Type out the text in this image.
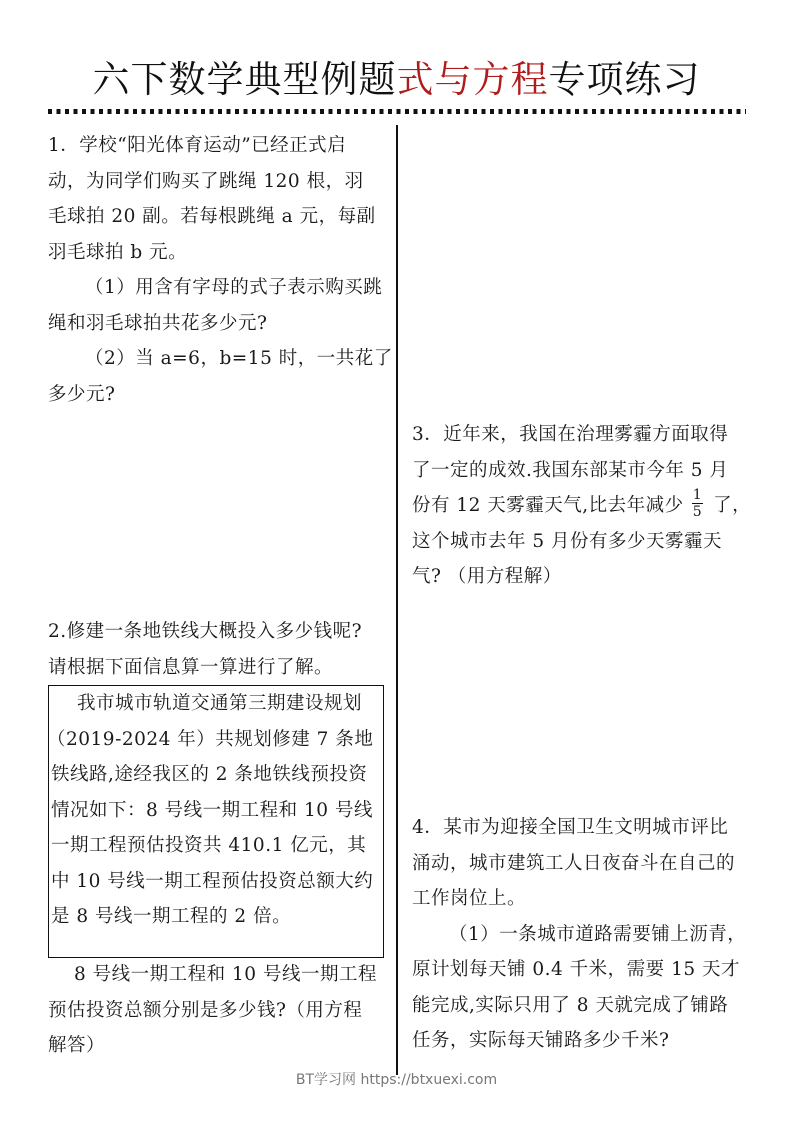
六下数学典型例题式与方程专项练习
1．学校“阳光体育运动”已经正式启
动，为同学们购买了跳绳 120 根，羽
毛球拍 20 副。若每根跳绳 a 元，每副
羽毛球拍 b 元。
（1）用含有字母的式子表示购买跳
绳和羽毛球拍共花多少元?
（2）当 a=6，b=15 时，一共花了
多少元?
2.修建一条地铁线大概投入多少钱呢?
请根据下面信息算一算进行了解。
我市城市轨道交通第三期建设规划
（2019-2024 年）共规划修建 7 条地
铁线路,途经我区的 2 条地铁线预投资
情况如下：8 号线一期工程和 10 号线
一期工程预估投资共 410.1 亿元，其
中 10 号线一期工程预估投资总额大约
是 8 号线一期工程的 2 倍。
8 号线一期工程和 10 号线一期工程
预估投资总额分别是多少钱?（用方程
解答）
3．近年来，我国在治理雾霾方面取得
了一定的成效.我国东部某市今年 5 月
份有 12 天雾霾天气,比去年减少 $\frac{1}{5}$ 了，
这个城市去年 5 月份有多少天雾霾天
气? （用方程解）
4．某市为迎接全国卫生文明城市评比
涌动，城市建筑工人日夜奋斗在自己的
工作岗位上。
（1）一条城市道路需要铺上沥青，
原计划每天铺 0.4 千米，需要 15 天才
能完成,实际只用了 8 天就完成了铺路
任务，实际每天铺路多少千米?
BT学习网 https://btxuexi.com
